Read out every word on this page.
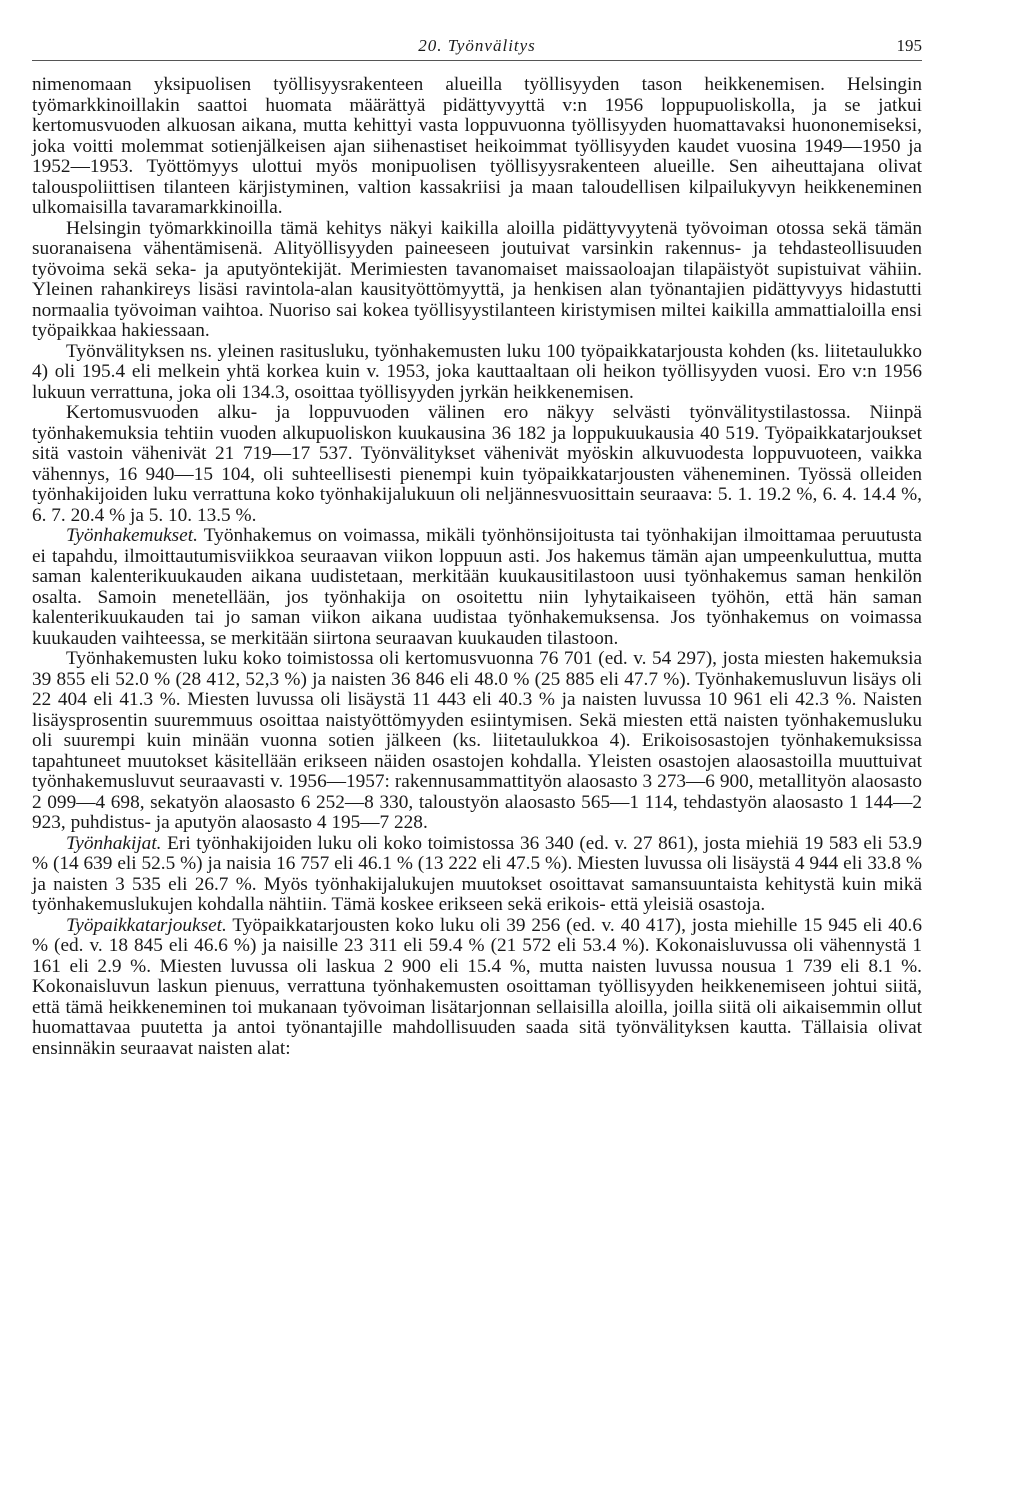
20. Työnvälitys	195

nimenomaan yksipuolisen työllisyysrakenteen alueilla työllisyyden tason heikkenemisen. Helsingin työmarkkinoillakin saattoi huomata määrättyä pidättyvyyttä v:n 1956 loppupuoliskolla, ja se jatkui kertomusvuoden alkuosan aikana, mutta kehittyi vasta loppuvuonna työllisyyden huomattavaksi huononemiseksi, joka voitti molemmat sotienjälkeisen ajan siihenastiset heikoimmat työllisyyden kaudet vuosina 1949—1950 ja 1952—1953. Työttömyys ulottui myös monipuolisen työllisyysrakenteen alueille. Sen aiheuttajana olivat talouspoliittisen tilanteen kärjistyminen, valtion kassakriisi ja maan taloudellisen kilpailukyvyn heikkeneminen ulkomaisilla tavaramarkkinoilla.

Helsingin työmarkkinoilla tämä kehitys näkyi kaikilla aloilla pidättyvyytenä työvoiman otossa sekä tämän suoranaisena vähentämisenä. Alityöllisyyden paineeseen joutuivat varsinkin rakennus- ja tehdasteollisuuden työvoima sekä seka- ja aputyöntekijät. Merimiesten tavanomaiset maissaoloajan tilapäistyöt supistuivat vähiin. Yleinen rahankireys lisäsi ravintola-alan kausityöttömyyttä, ja henkisen alan työnantajien pidättyvyys hidastutti normaalia työvoiman vaihtoa. Nuoriso sai kokea työllisyystilanteen kiristymisen miltei kaikilla ammattialoilla ensi työpaikkaa hakiessaan.

Työnvälityksen ns. yleinen rasitusluku, työnhakemusten luku 100 työpaikkatarjousta kohden (ks. liitetaulukko 4) oli 195.4 eli melkein yhtä korkea kuin v. 1953, joka kauttaaltaan oli heikon työllisyyden vuosi. Ero v:n 1956 lukuun verrattuna, joka oli 134.3, osoittaa työllisyyden jyrkän heikkenemisen.

Kertomusvuoden alku- ja loppuvuoden välinen ero näkyy selvästi työnvälitystilastossa. Niinpä työnhakemuksia tehtiin vuoden alkupuoliskon kuukausina 36 182 ja loppukuukausia 40 519. Työpaikkatarjoukset sitä vastoin vähenivät 21 719—17 537. Työnvälitykset vähenivät myöskin alkuvuodesta loppuvuoteen, vaikka vähennys, 16 940—15 104, oli suhteellisesti pienempi kuin työpaikkatarjousten väheneminen. Työssä olleiden työnhakijoiden luku verrattuna koko työnhakijalukuun oli neljännesvuosittain seuraava: 5. 1. 19.2 %, 6. 4. 14.4 %, 6. 7. 20.4 % ja 5. 10. 13.5 %.

Työnhakemukset. Työnhakemus on voimassa, mikäli työnhönsijoitusta tai työnhakijan ilmoittamaa peruutusta ei tapahdu, ilmoittautumisviikkoa seuraavan viikon loppuun asti. Jos hakemus tämän ajan umpeenkuluttua, mutta saman kalenterikuukauden aikana uudistetaan, merkitään kuukausitilastoon uusi työnhakemus saman henkilön osalta. Samoin menetellään, jos työnhakija on osoitettu niin lyhytaikaiseen työhön, että hän saman kalenterikuukauden tai jo saman viikon aikana uudistaa työnhakemuksensa. Jos työnhakemus on voimassa kuukauden vaihteessa, se merkitään siirtona seuraavan kuukauden tilastoon.

Työnhakemusten luku koko toimistossa oli kertomusvuonna 76 701 (ed. v. 54 297), josta miesten hakemuksia 39 855 eli 52.0 % (28 412, 52,3 %) ja naisten 36 846 eli 48.0 % (25 885 eli 47.7 %). Työnhakemusluvun lisäys oli 22 404 eli 41.3 %. Miesten luvussa oli lisäystä 11 443 eli 40.3 % ja naisten luvussa 10 961 eli 42.3 %. Naisten lisäysprosentin suuremmuus osoittaa naistyöttömyyden esiintymisen. Sekä miesten että naisten työnhakemusluku oli suurempi kuin minään vuonna sotien jälkeen (ks. liitetaulukkoa 4). Erikoisosastojen työnhakemuksissa tapahtuneet muutokset käsitellään erikseen näiden osastojen kohdalla. Yleisten osastojen alaosastoilla muuttuivat työnhakemusluvut seuraavasti v. 1956—1957: rakennusammattityön alaosasto 3 273—6 900, metallityön alaosasto 2 099—4 698, sekatyön alaosasto 6 252—8 330, taloustyön alaosasto 565—1 114, tehdastyön alaosasto 1 144—2 923, puhdistus- ja aputyön alaosasto 4 195—7 228.

Työnhakijat. Eri työnhakijoiden luku oli koko toimistossa 36 340 (ed. v. 27 861), josta miehiä 19 583 eli 53.9 % (14 639 eli 52.5 %) ja naisia 16 757 eli 46.1 % (13 222 eli 47.5 %). Miesten luvussa oli lisäystä 4 944 eli 33.8 % ja naisten 3 535 eli 26.7 %. Myös työnhakijalukujen muutokset osoittavat samansuuntaista kehitystä kuin mikä työnhakemuslukujen kohdalla nähtiin. Tämä koskee erikseen sekä erikois- että yleisiä osastoja.

Työpaikkatarjoukset. Työpaikkatarjousten koko luku oli 39 256 (ed. v. 40 417), josta miehille 15 945 eli 40.6 % (ed. v. 18 845 eli 46.6 %) ja naisille 23 311 eli 59.4 % (21 572 eli 53.4 %). Kokonaisluvussa oli vähennystä 1 161 eli 2.9 %. Miesten luvussa oli laskua 2 900 eli 15.4 %, mutta naisten luvussa nousua 1 739 eli 8.1 %. Kokonaisluvun laskun pienuus, verrattuna työnhakemusten osoittaman työllisyyden heikkenemiseen johtui siitä, että tämä heikkeneminen toi mukanaan työvoiman lisätarjonnan sellaisilla aloilla, joilla siitä oli aikaisemmin ollut huomattavaa puutetta ja antoi työnantajille mahdollisuuden saada sitä työnvälityksen kautta. Tällaisia olivat ensinnäkin seuraavat naisten alat:
